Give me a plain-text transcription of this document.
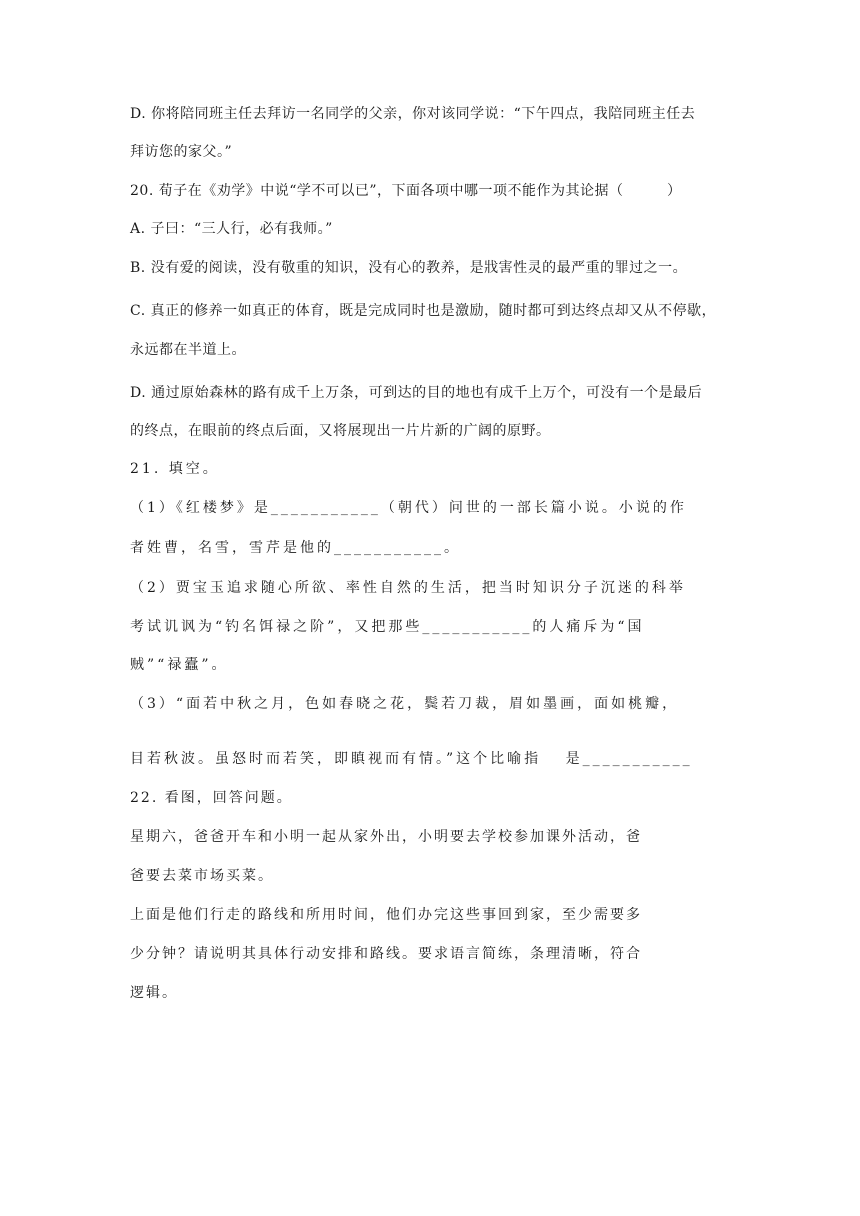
D. 你将陪同班主任去拜访一名同学的父亲，你对该同学说：“下午四点，我陪同班主任去
拜访您的家父。”
20. 荀子在《劝学》中说“学不可以已”，下面各项中哪一项不能作为其论据（　　　）
A. 子曰：“三人行，必有我师。”
B. 没有爱的阅读，没有敬重的知识，没有心的教养，是戕害性灵的最严重的罪过之一。
C. 真正的修养一如真正的体育，既是完成同时也是激励，随时都可到达终点却又从不停歇，
永远都在半道上。
D. 通过原始森林的路有成千上万条，可到达的目的地也有成千上万个，可没有一个是最后
的终点，在眼前的终点后面，又将展现出一片片新的广阔的原野。
21. 填空。
（1）《红楼梦》是___________（朝代）问世的一部长篇小说。小说的作
者姓曹，名雪，雪芹是他的___________。
（2）贾宝玉追求随心所欲、率性自然的生活，把当时知识分子沉迷的科举
考试讥讽为“钓名饵禄之阶”，又把那些___________的人痛斥为“国
贼”“禄蠹”。
（3）“面若中秋之月，色如春晓之花，鬓若刀裁，眉如墨画，面如桃瓣，
目若秋波。虽怒时而若笑，即瞋视而有情。”这个比喻指　 是___________
22. 看图，回答问题。
星期六，爸爸开车和小明一起从家外出，小明要去学校参加课外活动，爸
爸要去菜市场买菜。
上面是他们行走的路线和所用时间，他们办完这些事回到家，至少需要多
少分钟？请说明其具体行动安排和路线。要求语言简练，条理清晰，符合
逻辑。
